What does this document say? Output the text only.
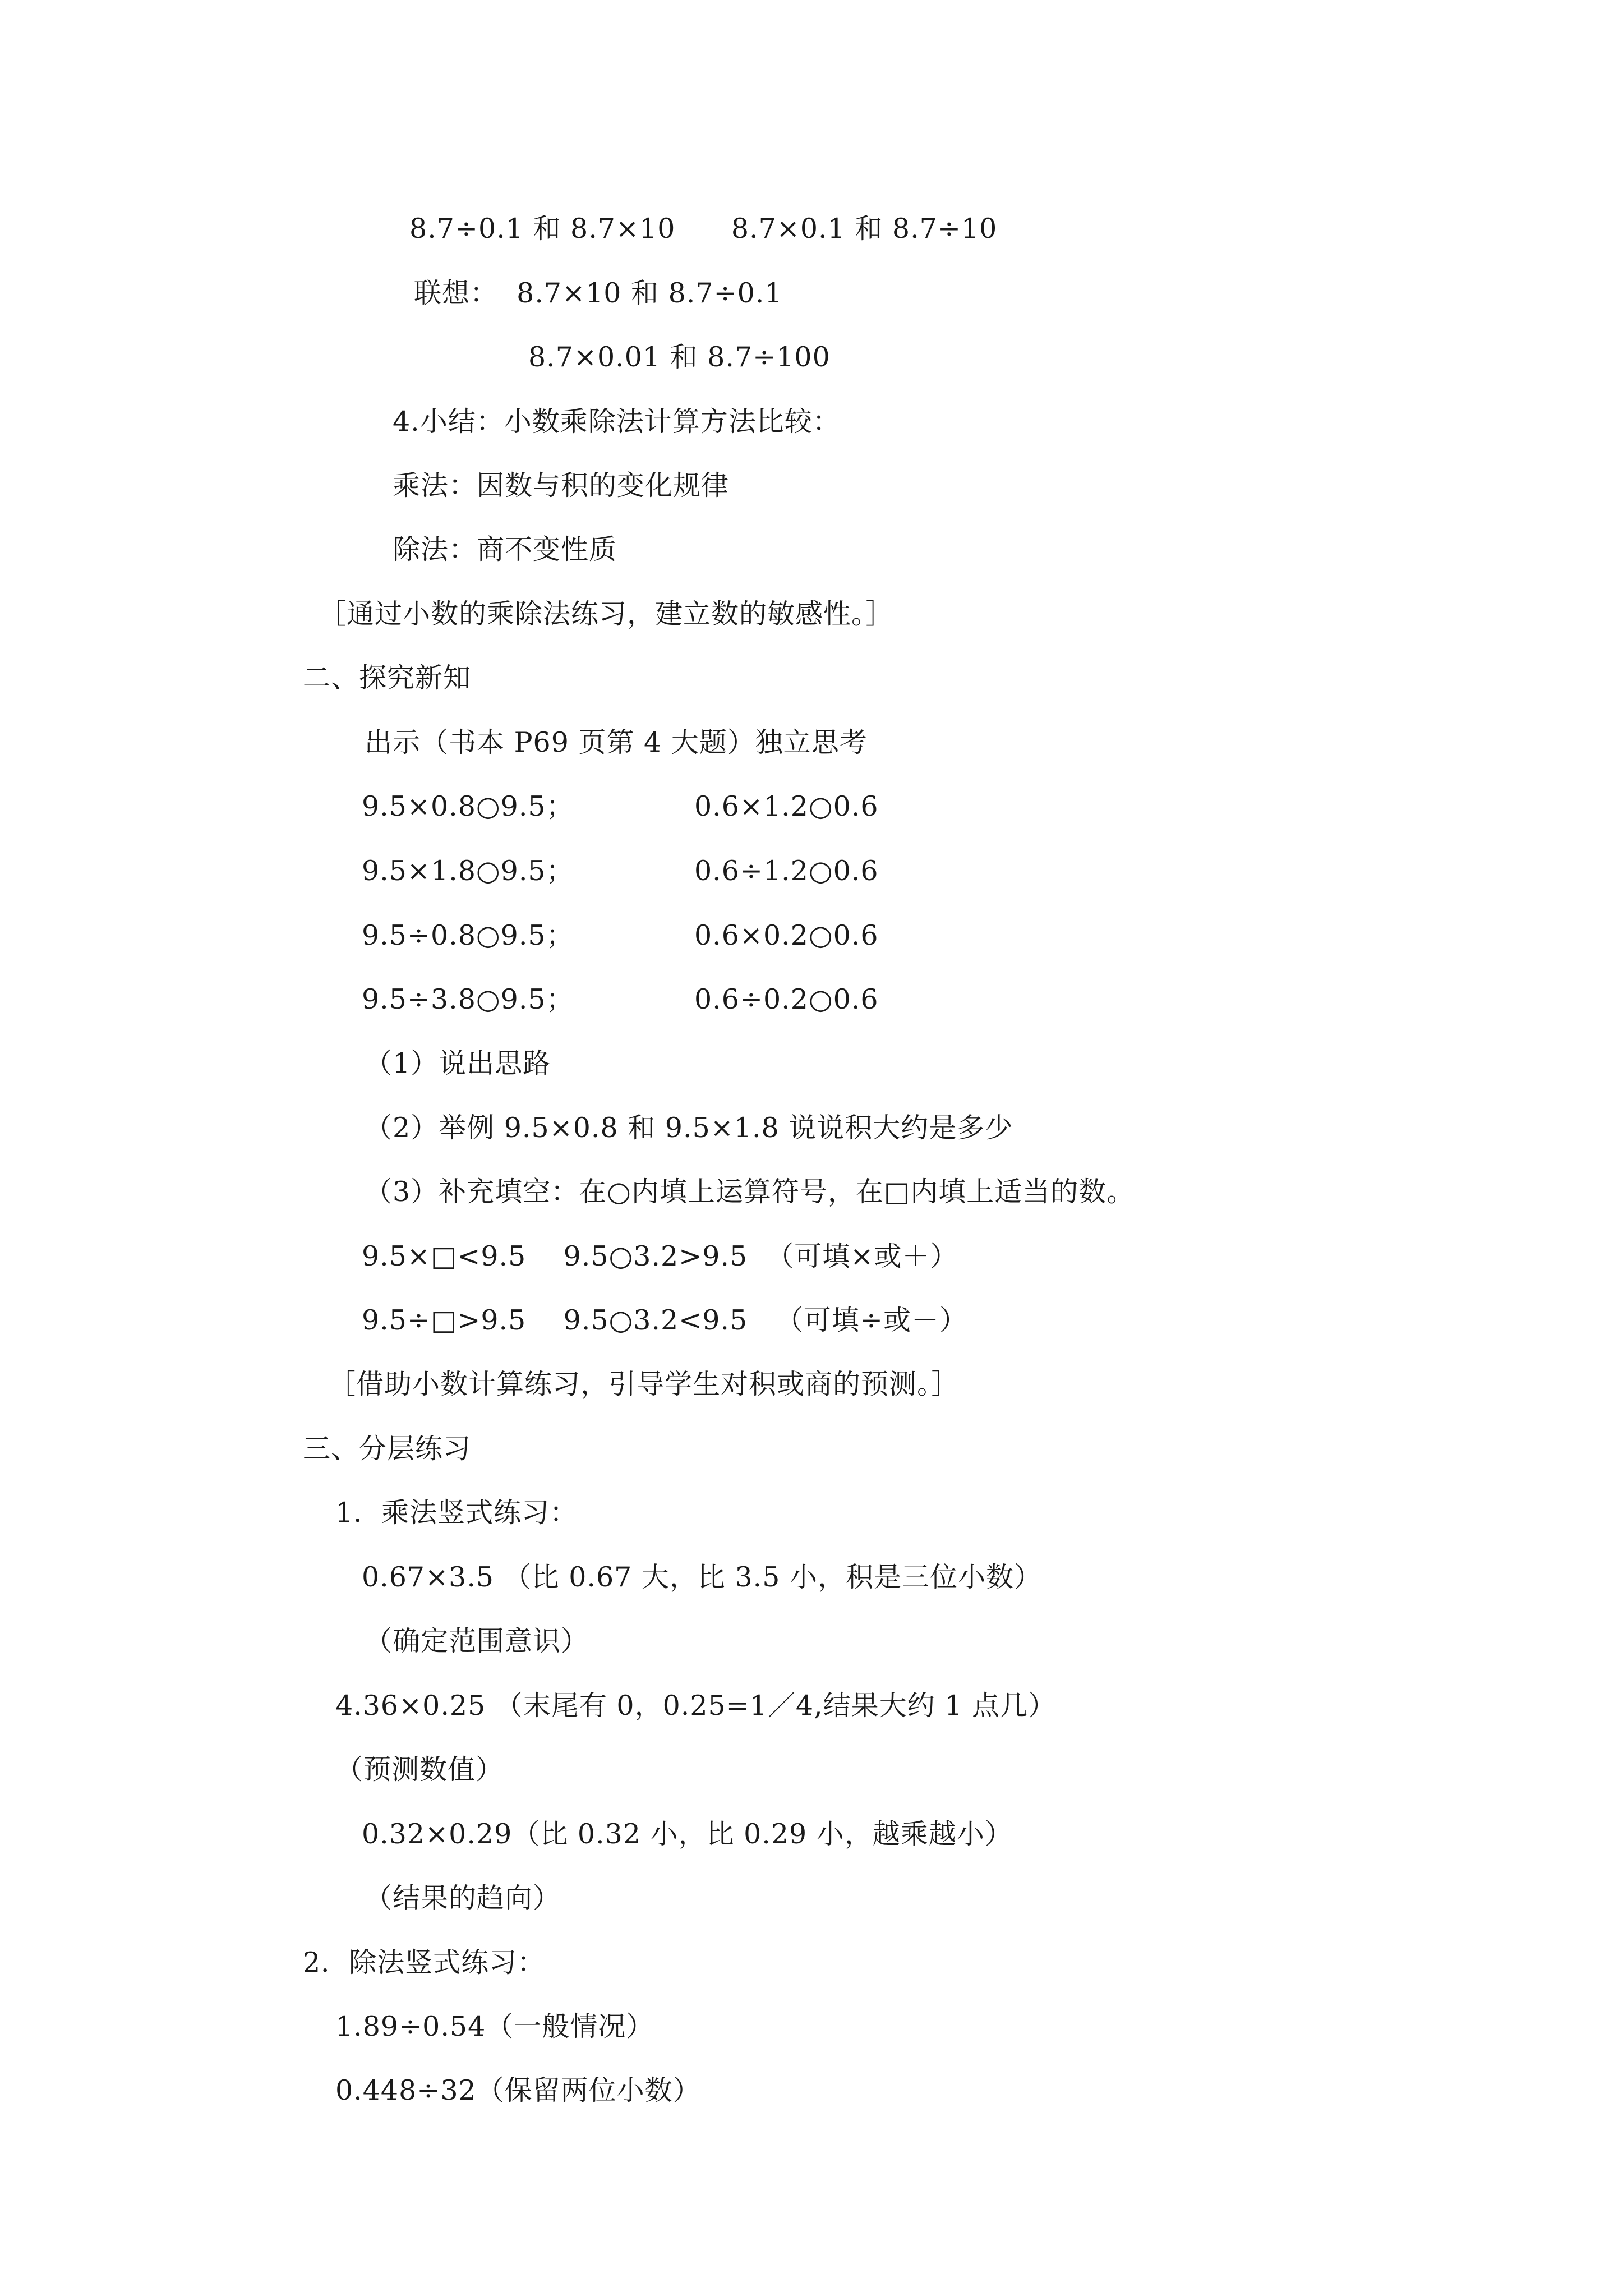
8.7÷0.1 和 8.7×10      8.7×0.1 和 8.7÷10
联想：  8.7×10 和 8.7÷0.1
8.7×0.01 和 8.7÷100
4.小结：小数乘除法计算方法比较：
乘法：因数与积的变化规律
除法：商不变性质
［通过小数的乘除法练习，建立数的敏感性。］
二、探究新知
出示（书本 P69 页第 4 大题）独立思考
9.5×0.8○9.5；	0.6×1.2○0.6
9.5×1.8○9.5；	0.6÷1.2○0.6
9.5÷0.8○9.5；	0.6×0.2○0.6
9.5÷3.8○9.5；	0.6÷0.2○0.6
（1）说出思路
（2）举例 9.5×0.8 和 9.5×1.8 说说积大约是多少
（3）补充填空：在○内填上运算符号，在□内填上适当的数。
9.5×□<9.5    9.5○3.2>9.5  （可填×或＋）
9.5÷□>9.5    9.5○3.2<9.5   （可填÷或－）
［借助小数计算练习，引导学生对积或商的预测。］
三、分层练习
1．乘法竖式练习：
0.67×3.5 （比 0.67 大，比 3.5 小，积是三位小数）
（确定范围意识）
4.36×0.25 （末尾有 0，0.25=1／4,结果大约 1 点几）
（预测数值）
0.32×0.29（比 0.32 小，比 0.29 小，越乘越小）
（结果的趋向）
2．除法竖式练习：
1.89÷0.54（一般情况）
0.448÷32（保留两位小数）
